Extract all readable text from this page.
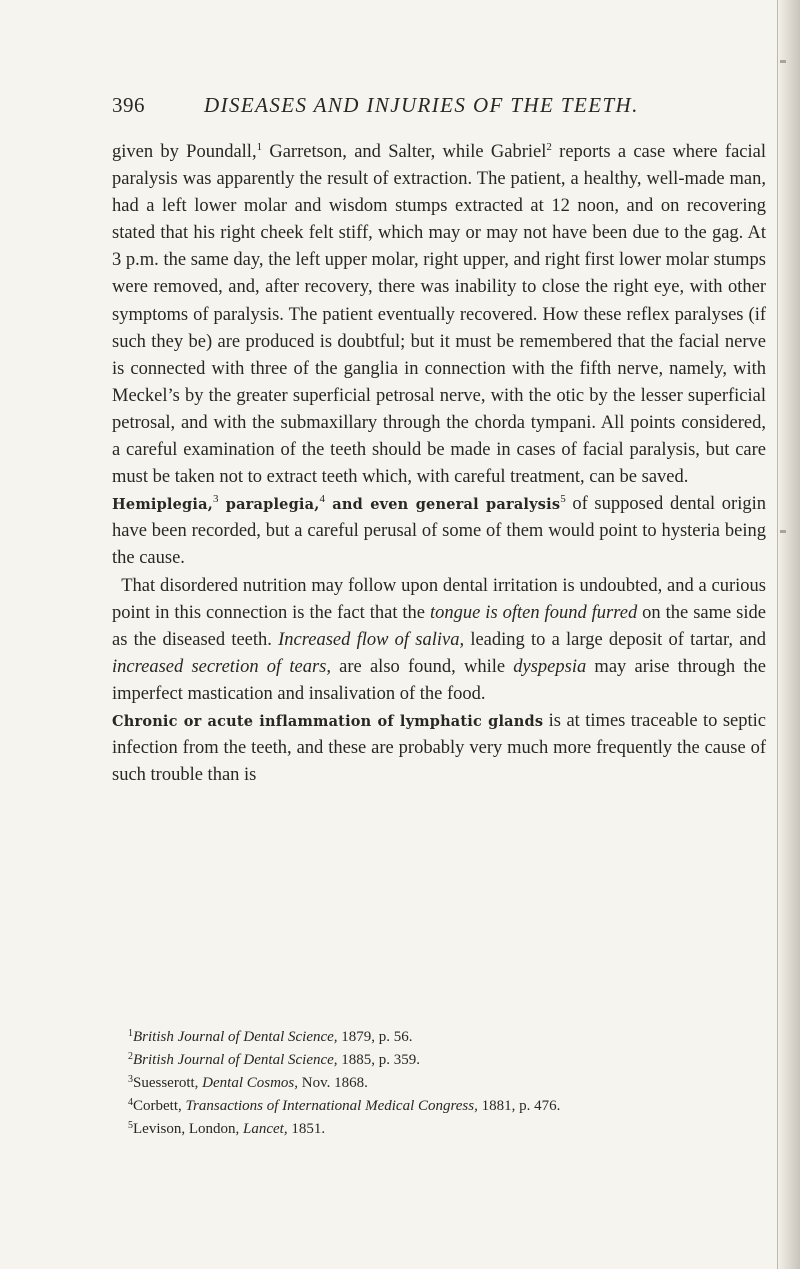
396	DISEASES AND INJURIES OF THE TEETH.

given by Poundall,$^1$ Garretson, and Salter, while Gabriel$^2$ reports a case where facial paralysis was apparently the result of extraction. The patient, a healthy, well-made man, had a left lower molar and wisdom stumps extracted at 12 noon, and on recovering stated that his right cheek felt stiff, which may or may not have been due to the gag. At 3 p.m. the same day, the left upper molar, right upper, and right first lower molar stumps were removed, and, after recovery, there was inability to close the right eye, with other symptoms of paralysis. The patient eventually recovered. How these reflex paralyses (if such they be) are produced is doubtful; but it must be remembered that the facial nerve is connected with three of the ganglia in connection with the fifth nerve, namely, with Meckel’s by the greater superficial petrosal nerve, with the otic by the lesser superficial petrosal, and with the submaxillary through the chorda tympani. All points considered, a careful examination of the teeth should be made in cases of facial paralysis, but care must be taken not to extract teeth which, with careful treatment, can be saved.

Hemiplegia,$^3$ paraplegia,$^4$ and even general paralysis$^5$ of supposed dental origin have been recorded, but a careful perusal of some of them would point to hysteria being the cause.

 That disordered nutrition may follow upon dental irritation is undoubted, and a curious point in this connection is the fact that the tongue is often found furred on the same side as the diseased teeth. Increased flow of saliva, leading to a large deposit of tartar, and increased secretion of tears, are also found, while dyspepsia may arise through the imperfect mastication and insalivation of the food.

Chronic or acute inflammation of lymphatic glands is at times traceable to septic infection from the teeth, and these are probably very much more frequently the cause of such trouble than is

$^1$British Journal of Dental Science, 1879, p. 56.
$^2$British Journal of Dental Science, 1885, p. 359.
$^3$Suesserott, Dental Cosmos, Nov. 1868.
$^4$Corbett, Transactions of International Medical Congress, 1881, p. 476.
$^5$Levison, London, Lancet, 1851.
